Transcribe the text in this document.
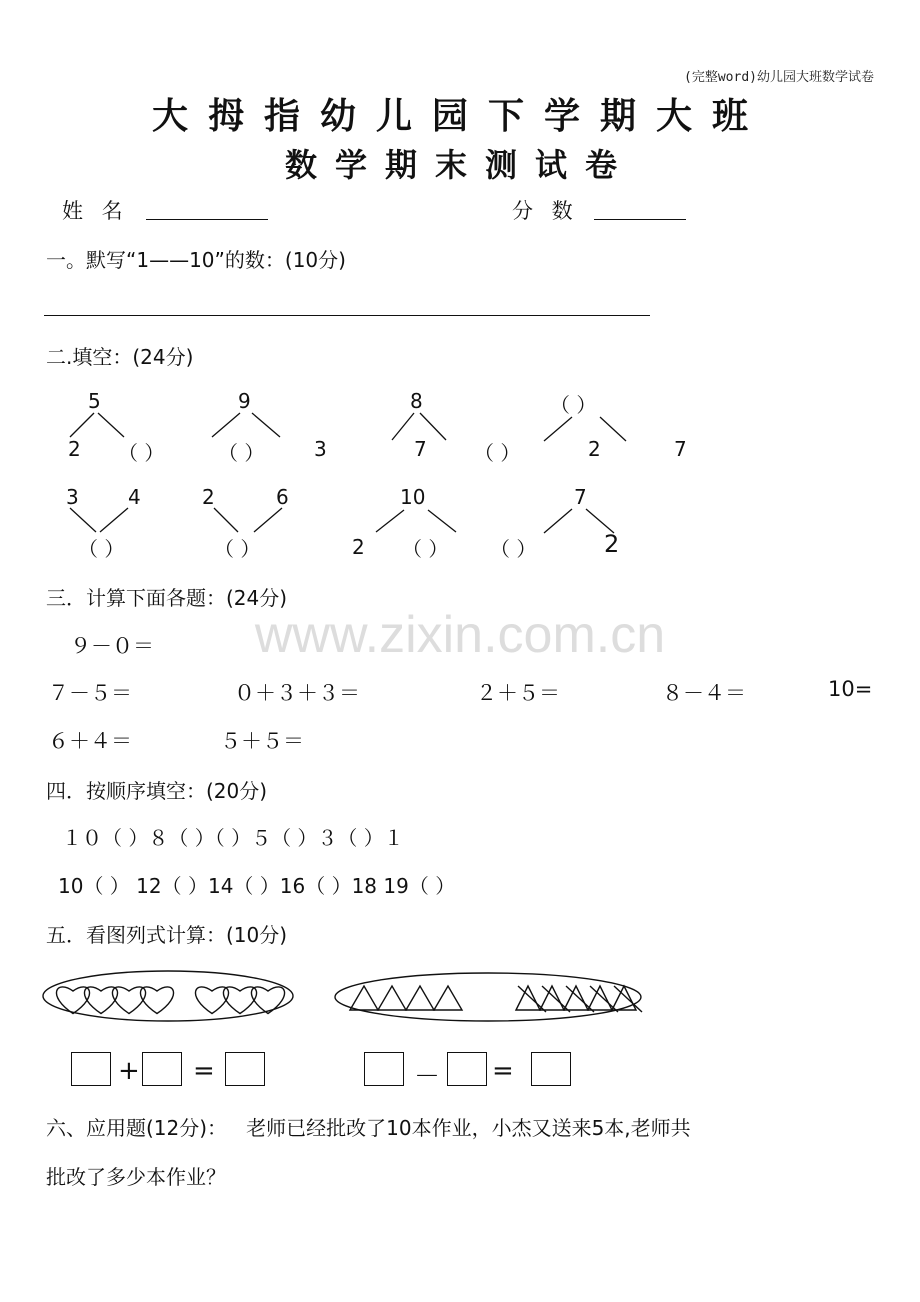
(完整word)幼儿园大班数学试卷
大拇指幼儿园下学期大班
数学期末测试卷
姓 名	分 数
www.zixin.com.cn
一。默写“1——10”的数：(10分)
二.填空：(24分)
5
2 （ ）
9
（ ） 3
8
7 （ ）
（ ）
2	7
3 4
（ ）
2	6
（ ）
10
2 （ ）
7
（ ）	2
三．计算下面各题：(24分)
９－０＝
７－５＝	０＋３＋３＝	２＋５＝	８－４＝	10=
６＋４＝	５＋５＝
四．按顺序填空：(20分)
１０（ ）８（ ）（ ）５（ ）３（ ）１
10（ ） 12（ ）14（ ）16（ ）18 19（ ）
五．看图列式计算：(10分)
+ =	－ =
六、应用题(12分)：   老师已经批改了10本作业，小杰又送来5本,老师共
批改了多少本作业？
